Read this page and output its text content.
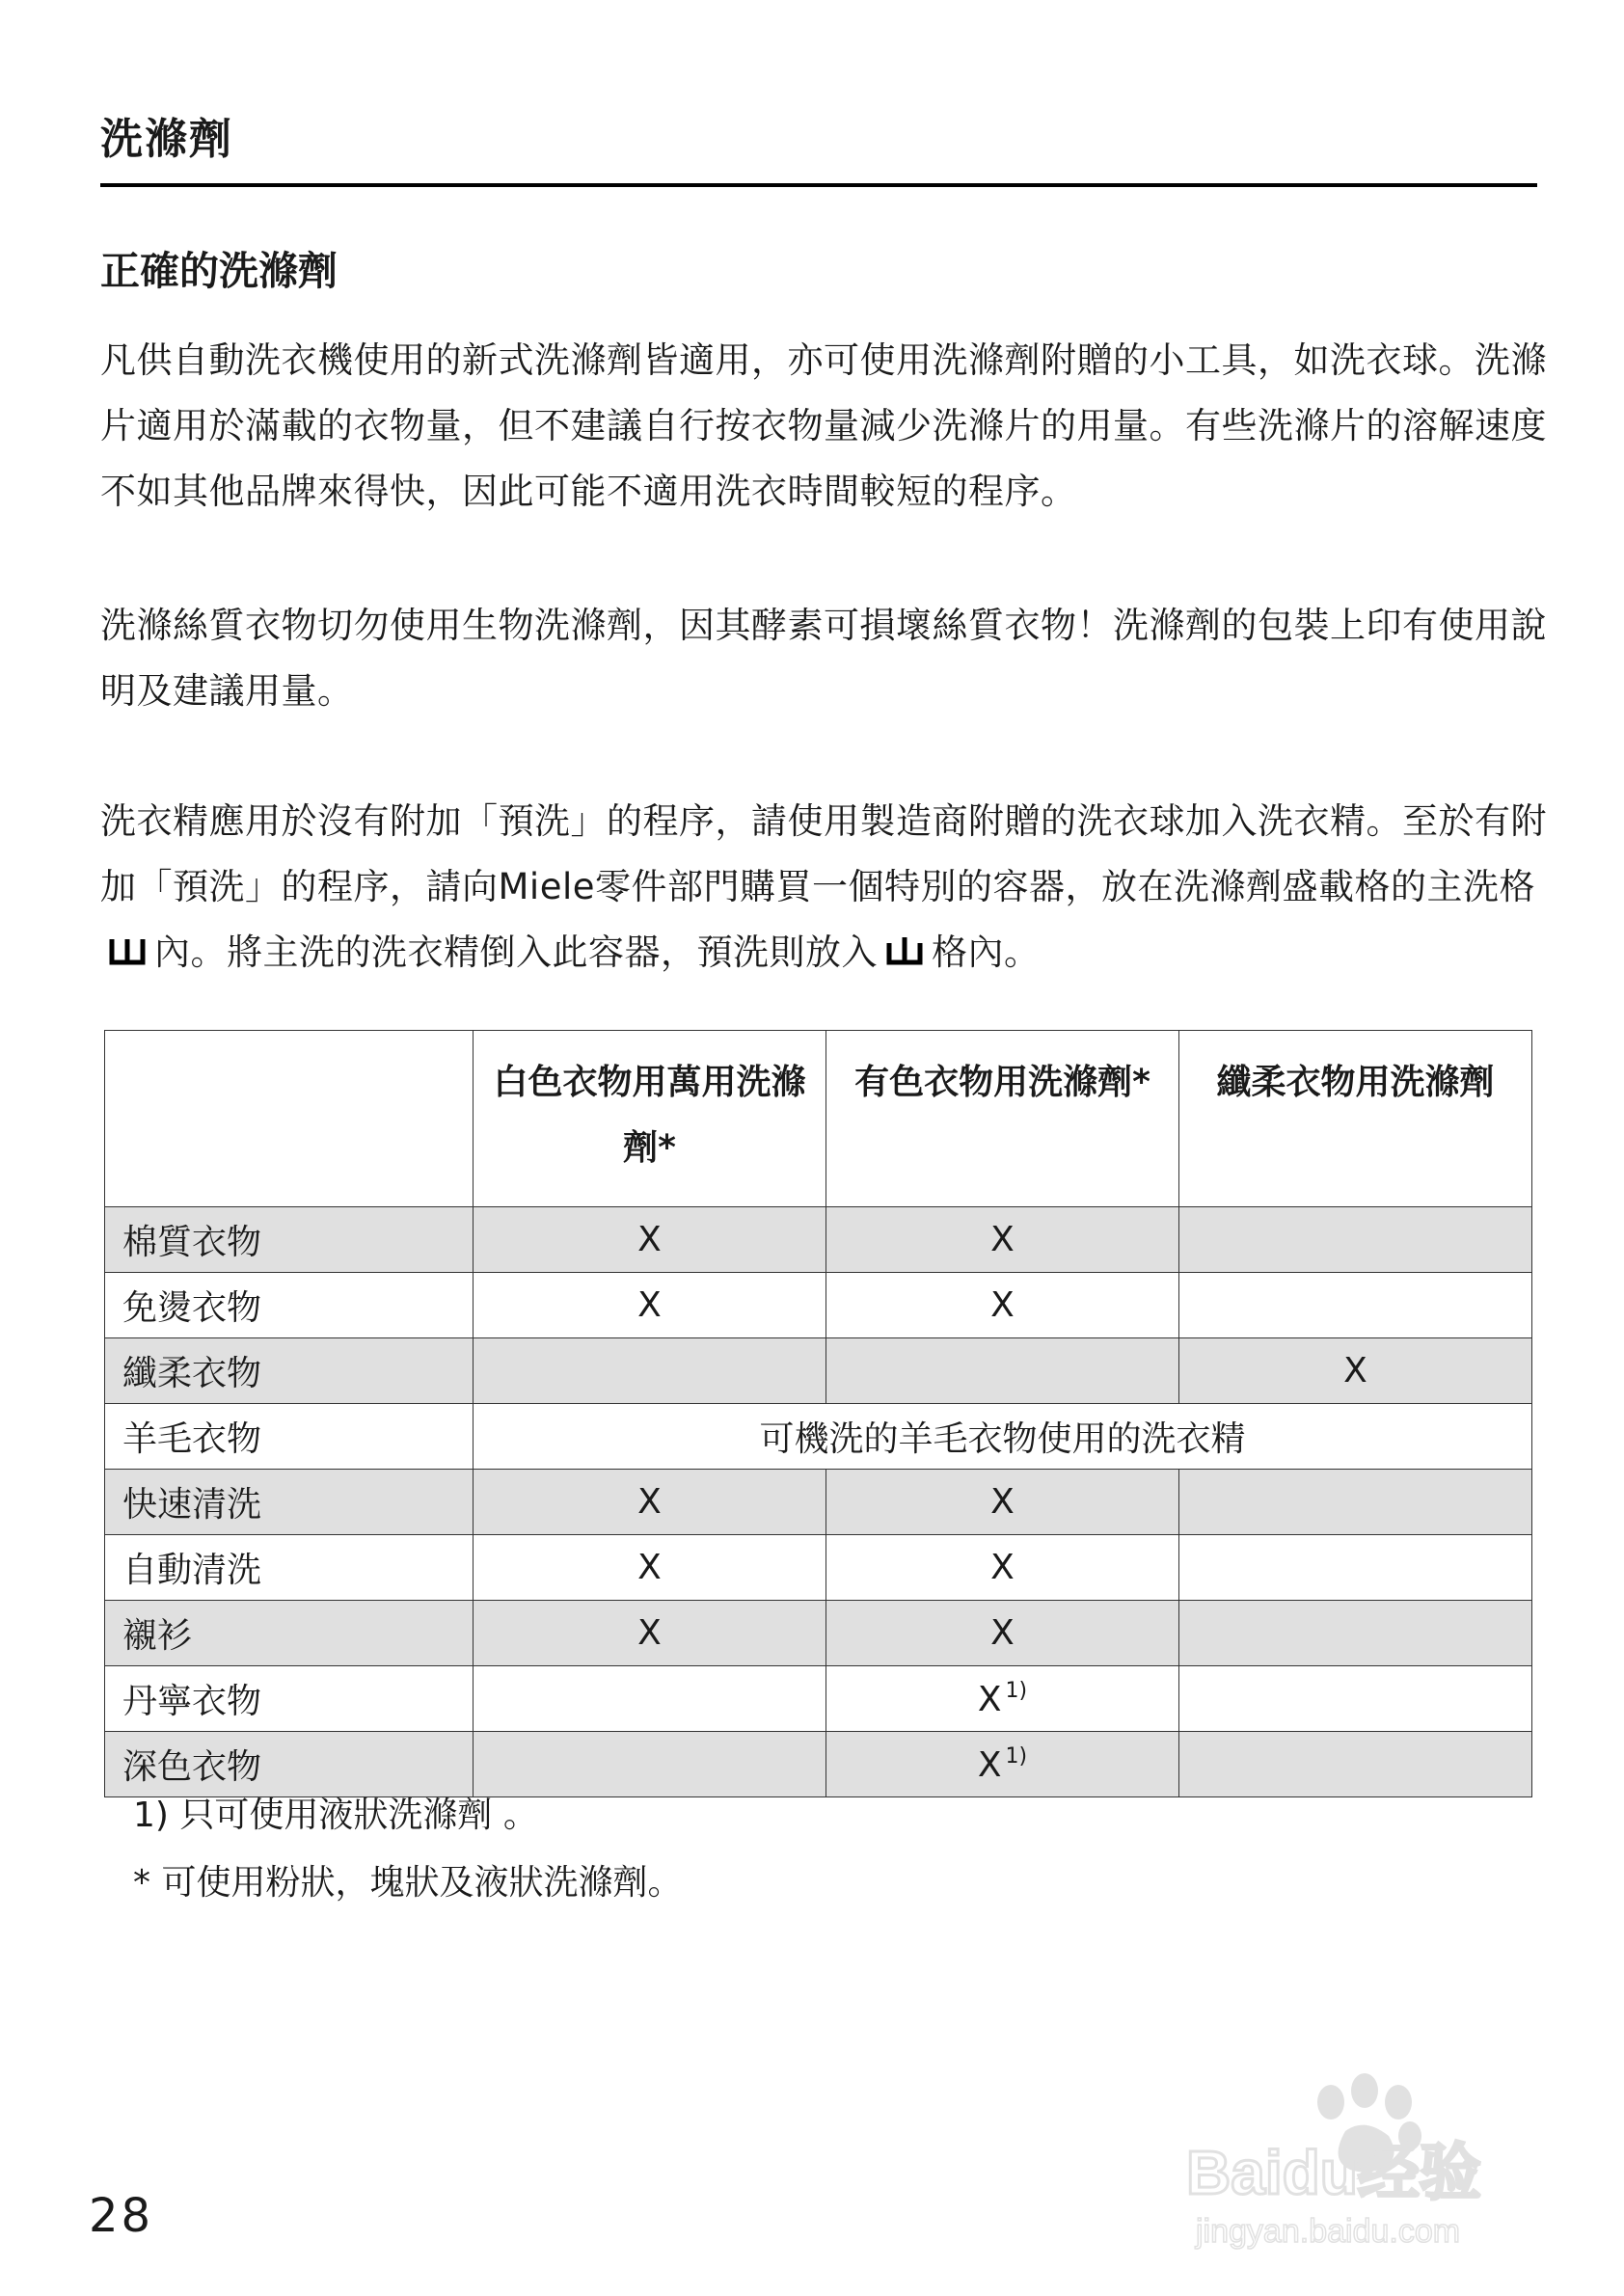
洗滌劑
正確的洗滌劑

凡供自動洗衣機使用的新式洗滌劑皆適用，亦可使用洗滌劑附贈的小工具，如洗衣球。洗滌片適用於滿載的衣物量，但不建議自行按衣物量減少洗滌片的用量。有些洗滌片的溶解速度不如其他品牌來得快，因此可能不適用洗衣時間較短的程序。

洗滌絲質衣物切勿使用生物洗滌劑，因其酵素可損壞絲質衣物！洗滌劑的包裝上印有使用說明及建議用量。

洗衣精應用於沒有附加「預洗」的程序，請使用製造商附贈的洗衣球加入洗衣精。至於有附加「預洗」的程序，請向Miele零件部門購買一個特別的容器，放在洗滌劑盛載格的主洗格
內。將主洗的洗衣精倒入此容器，預洗則放入 格內。

	白色衣物用萬用洗滌劑*	有色衣物用洗滌劑*	纖柔衣物用洗滌劑
棉質衣物	X	X	
免燙衣物	X	X	
纖柔衣物			X
羊毛衣物	可機洗的羊毛衣物使用的洗衣精		
快速清洗	X	X	
自動清洗	X	X	
襯衫	X	X	
丹寧衣物		X $^{1)}$	
深色衣物		X $^{1)}$	

1) 只可使用液狀洗滌劑 。

* 可使用粉狀，塊狀及液狀洗滌劑。

28

Baidu经验
jingyan.baidu.com
